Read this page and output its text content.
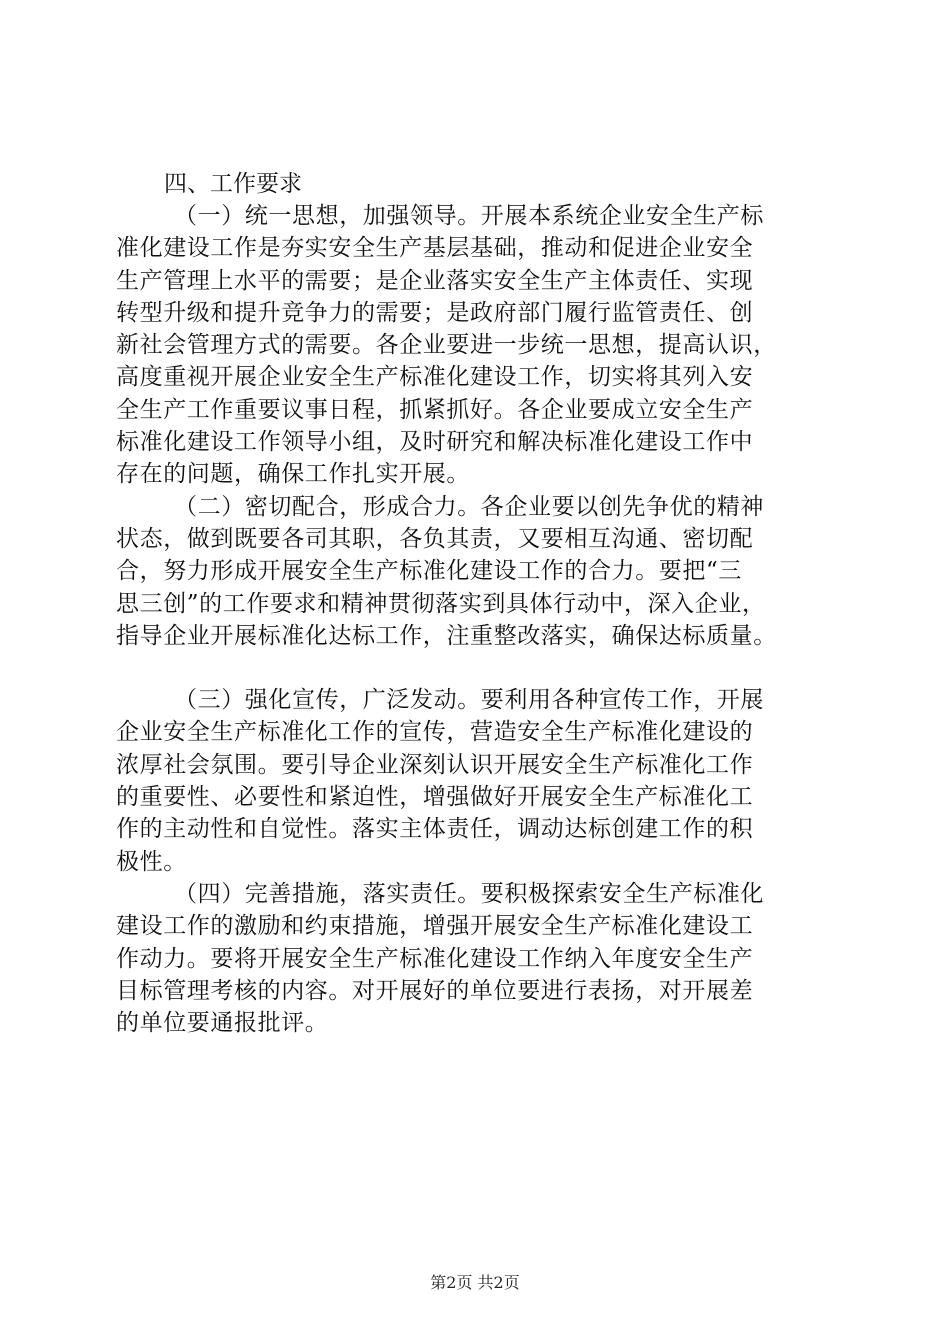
四、工作要求

（一）统一思想，加强领导。开展本系统企业安全生产标
准化建设工作是夯实安全生产基层基础，推动和促进企业安全
生产管理上水平的需要；是企业落实安全生产主体责任、实现
转型升级和提升竞争力的需要；是政府部门履行监管责任、创
新社会管理方式的需要。各企业要进一步统一思想，提高认识，
高度重视开展企业安全生产标准化建设工作，切实将其列入安
全生产工作重要议事日程，抓紧抓好。各企业要成立安全生产
标准化建设工作领导小组，及时研究和解决标准化建设工作中
存在的问题，确保工作扎实开展。

（二）密切配合，形成合力。各企业要以创先争优的精神
状态，做到既要各司其职，各负其责，又要相互沟通、密切配
合，努力形成开展安全生产标准化建设工作的合力。要把“三
思三创”的工作要求和精神贯彻落实到具体行动中，深入企业，
指导企业开展标准化达标工作，注重整改落实，确保达标质量。

（三）强化宣传，广泛发动。要利用各种宣传工作，开展
企业安全生产标准化工作的宣传，营造安全生产标准化建设的
浓厚社会氛围。要引导企业深刻认识开展安全生产标准化工作
的重要性、必要性和紧迫性，增强做好开展安全生产标准化工
作的主动性和自觉性。落实主体责任，调动达标创建工作的积
极性。

（四）完善措施，落实责任。要积极探索安全生产标准化
建设工作的激励和约束措施，增强开展安全生产标准化建设工
作动力。要将开展安全生产标准化建设工作纳入年度安全生产
目标管理考核的内容。对开展好的单位要进行表扬，对开展差
的单位要通报批评。

第2页 共2页
